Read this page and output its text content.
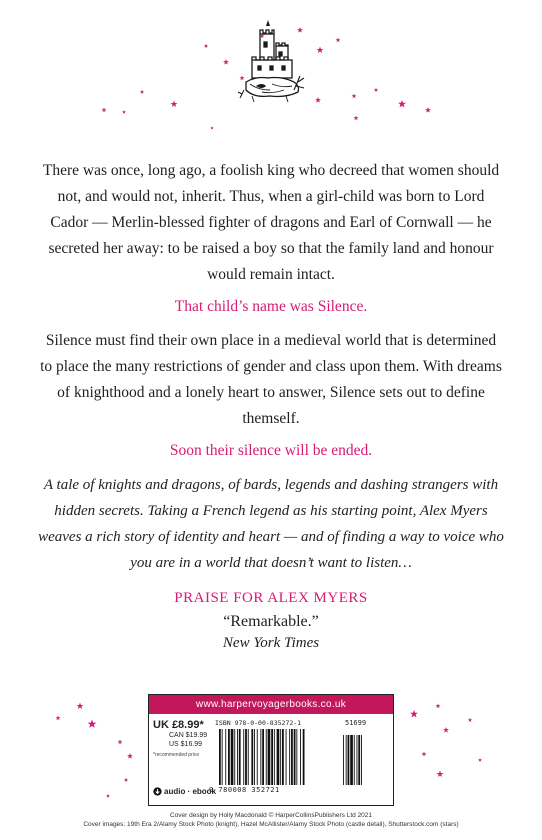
There was once, long ago, a foolish king who decreed that women should not, and would not, inherit. Thus, when a girl-child was born to Lord Cador — Merlin-blessed fighter of dragons and Earl of Cornwall — he secreted her away: to be raised a boy so that the family land and honour would remain intact.

That child’s name was Silence.

Silence must find their own place in a medieval world that is determined to place the many restrictions of gender and class upon them. With dreams of knighthood and a lonely heart to answer, Silence sets out to define themself.

Soon their silence will be ended.

A tale of knights and dragons, of bards, legends and dashing strangers with hidden secrets. Taking a French legend as his starting point, Alex Myers weaves a rich story of identity and heart — and of finding a way to voice who you are in a world that doesn’t want to listen…

PRAISE FOR ALEX MYERS
“Remarkable.”
New York Times
www.harpervoyagerbooks.co.uk
UK £8.99*
CAN $19.99
US $16.99
*recommended price
audio · ebook
ISBN 978-0-00-835272-1	51699
9 780008 352721
Cover design by Holly Macdonald © HarperCollinsPublishers Ltd 2021
Cover images: 19th Era 2/Alamy Stock Photo (knight), Hazel McAllister/Alamy Stock Photo (castle detail), Shutterstock.com (stars)
